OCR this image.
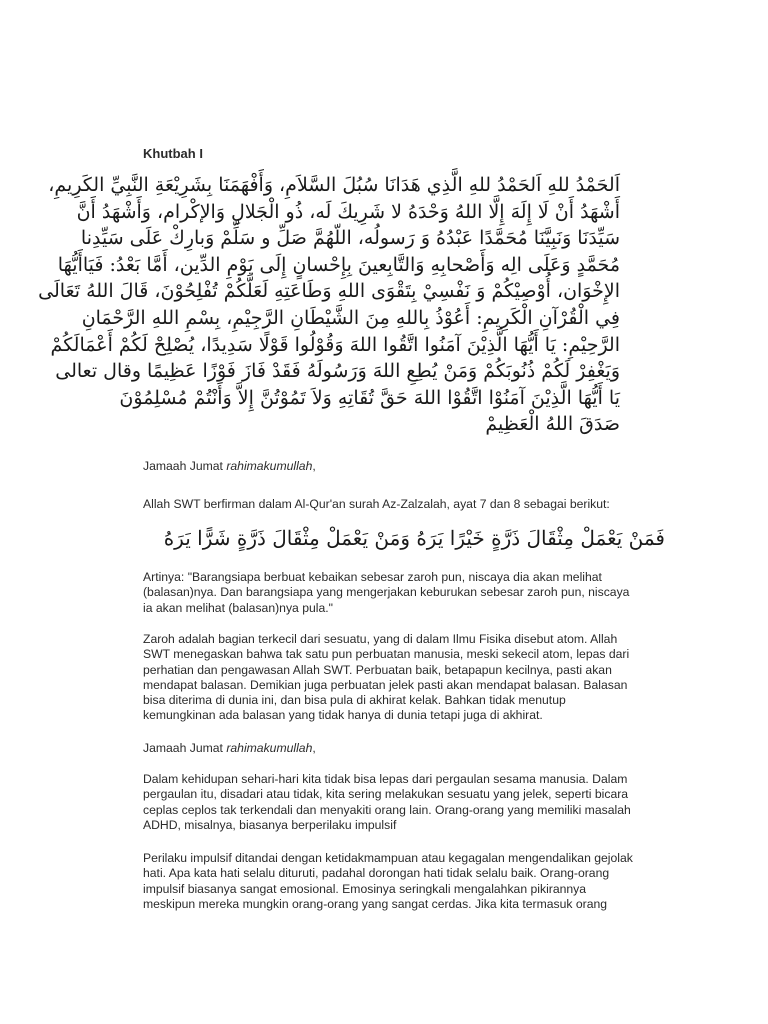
Khutbah I
اَلحَمْدُ للهِ اَلحَمْدُ للهِ الَّذِي هَدَانَا سُبُلَ السَّلاَمِ، وَأَفْهَمَنَا بِشَرِيْعَةِ النَّبِيِّ الكَرِيمِ،
أَشْهَدُ أَنْ لَا إِلَهَ إِلَّا اللهُ وَحْدَهُ لا شَرِيكَ لَه، ذُو الْجَلالِ وَالإكْرام، وَأَشْهَدُ أَنَّ
سَيِّدَنَا وَنَبِيَّنَا مُحَمَّدًا عَبْدُهُ وَ رَسولُه، اللّهُمَّ صَلِّ و سَلِّمْ وَبارِكْ عَلَى سَيِّدِنا
مُحَمَّدٍ وَعَلَى الِه وَأَصْحابِهِ وَالتَّابِعينَ بِإِحْسانٍ إِلَى يَوْمِ الدِّين، أَمَّا بَعْدُ: فَيَاأَيُّهَا
الإِخْوَان، أُوْصِيْكُمْ وَ نَفْسِيْ بِتَقْوَى اللهِ وَطَاعَتِهِ لَعَلَّكُمْ تُفْلِحُوْنَ، قَالَ اللهُ تَعَالَى
فِي الْقُرْآنِ الْكَرِيمِ: أَعُوْذُ بِاللهِ مِنَ الشَّيْطَانِ الرَّجِيْمِ، بِسْمِ اللهِ الرَّحْمَانِ
الرَّحِيْمِ: يَا أَيُّهَا الَّذِيْنَ آمَنُوا اتَّقُوا اللهَ وَقُوْلُوا قَوْلًا سَدِيدًا، يُصْلِحْ لَكُمْ أَعْمَالَكُمْ
وَيَغْفِرْ لَكُمْ ذُنُوبَكُمْ وَمَنْ يُطِعِ اللهَ وَرَسُولَهُ فَقَدْ فَازَ فَوْزًا عَظِيمًا وقال تعالى
يَا أَيُّهَا الَّذِيْنَ آمَنُوْا اتَّقُوْا اللهَ حَقَّ تُقَاتِهِ وَلاَ تَمُوْتُنَّ إِلاَّ وَأَنْتُمْ مُسْلِمُوْنَ
صَدَقَ اللهُ الْعَظِيمْ
Jamaah Jumat rahimakumullah,
Allah SWT berfirman dalam Al-Qur'an surah Az-Zalzalah, ayat 7 dan 8 sebagai berikut:
فَمَنْ يَعْمَلْ مِثْقَالَ ذَرَّةٍ خَيْرًا يَرَهُ وَمَنْ يَعْمَلْ مِثْقَالَ ذَرَّةٍ شَرًّا يَرَهُ
Artinya: "Barangsiapa berbuat kebaikan sebesar zaroh pun, niscaya dia akan melihat (balasan)nya. Dan barangsiapa yang mengerjakan keburukan sebesar zaroh pun, niscaya ia akan melihat (balasan)nya pula."
Zaroh adalah bagian terkecil dari sesuatu, yang di dalam Ilmu Fisika disebut atom. Allah SWT menegaskan bahwa tak satu pun perbuatan manusia, meski sekecil atom, lepas dari perhatian dan pengawasan Allah SWT. Perbuatan baik, betapapun kecilnya, pasti akan mendapat balasan. Demikian juga perbuatan jelek pasti akan mendapat balasan. Balasan bisa diterima di dunia ini, dan bisa pula di akhirat kelak. Bahkan tidak menutup kemungkinan ada balasan yang tidak hanya di dunia tetapi juga di akhirat.
Jamaah Jumat rahimakumullah,
Dalam kehidupan sehari-hari kita tidak bisa lepas dari pergaulan sesama manusia. Dalam pergaulan itu, disadari atau tidak, kita sering melakukan sesuatu yang jelek, seperti bicara ceplas ceplos tak terkendali dan menyakiti orang lain. Orang-orang yang memiliki masalah ADHD, misalnya, biasanya berperilaku impulsif
Perilaku impulsif ditandai dengan ketidakmampuan atau kegagalan mengendalikan gejolak hati. Apa kata hati selalu dituruti, padahal dorongan hati tidak selalu baik. Orang-orang impulsif biasanya sangat emosional. Emosinya seringkali mengalahkan pikirannya meskipun mereka mungkin orang-orang yang sangat cerdas. Jika kita termasuk orang
